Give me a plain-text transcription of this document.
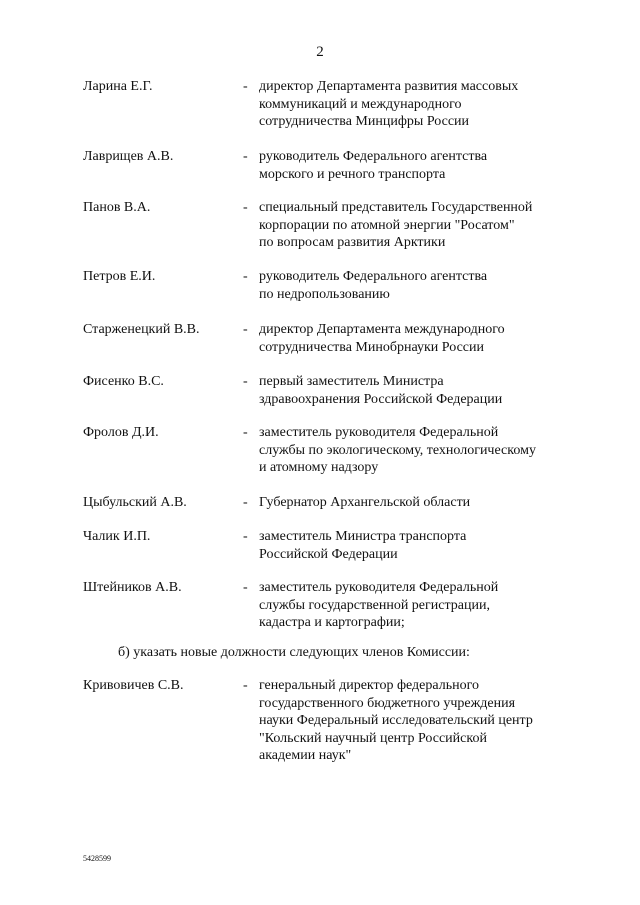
2
Ларина Е.Г.	- директор Департамента развития массовых
коммуникаций и международного
сотрудничества Минцифры России
Лаврищев А.В.	- руководитель Федерального агентства
морского и речного транспорта
Панов В.А.	- специальный представитель Государственной
корпорации по атомной энергии "Росатом"
по вопросам развития Арктики
Петров Е.И.	- руководитель Федерального агентства
по недропользованию
Старженецкий В.В.	- директор Департамента международного
сотрудничества Минобрнауки России
Фисенко В.С.	- первый заместитель Министра
здравоохранения Российской Федерации
Фролов Д.И.	- заместитель руководителя Федеральной
службы по экологическому, технологическому
и атомному надзору
Цыбульский А.В.	- Губернатор Архангельской области
Чалик И.П.	- заместитель Министра транспорта
Российской Федерации
Штейников А.В.	- заместитель руководителя Федеральной
службы государственной регистрации,
кадастра и картографии;
б) указать новые должности следующих членов Комиссии:
Кривовичев С.В.	- генеральный директор федерального
государственного бюджетного учреждения
науки Федеральный исследовательский центр
"Кольский научный центр Российской
академии наук"
5428599
